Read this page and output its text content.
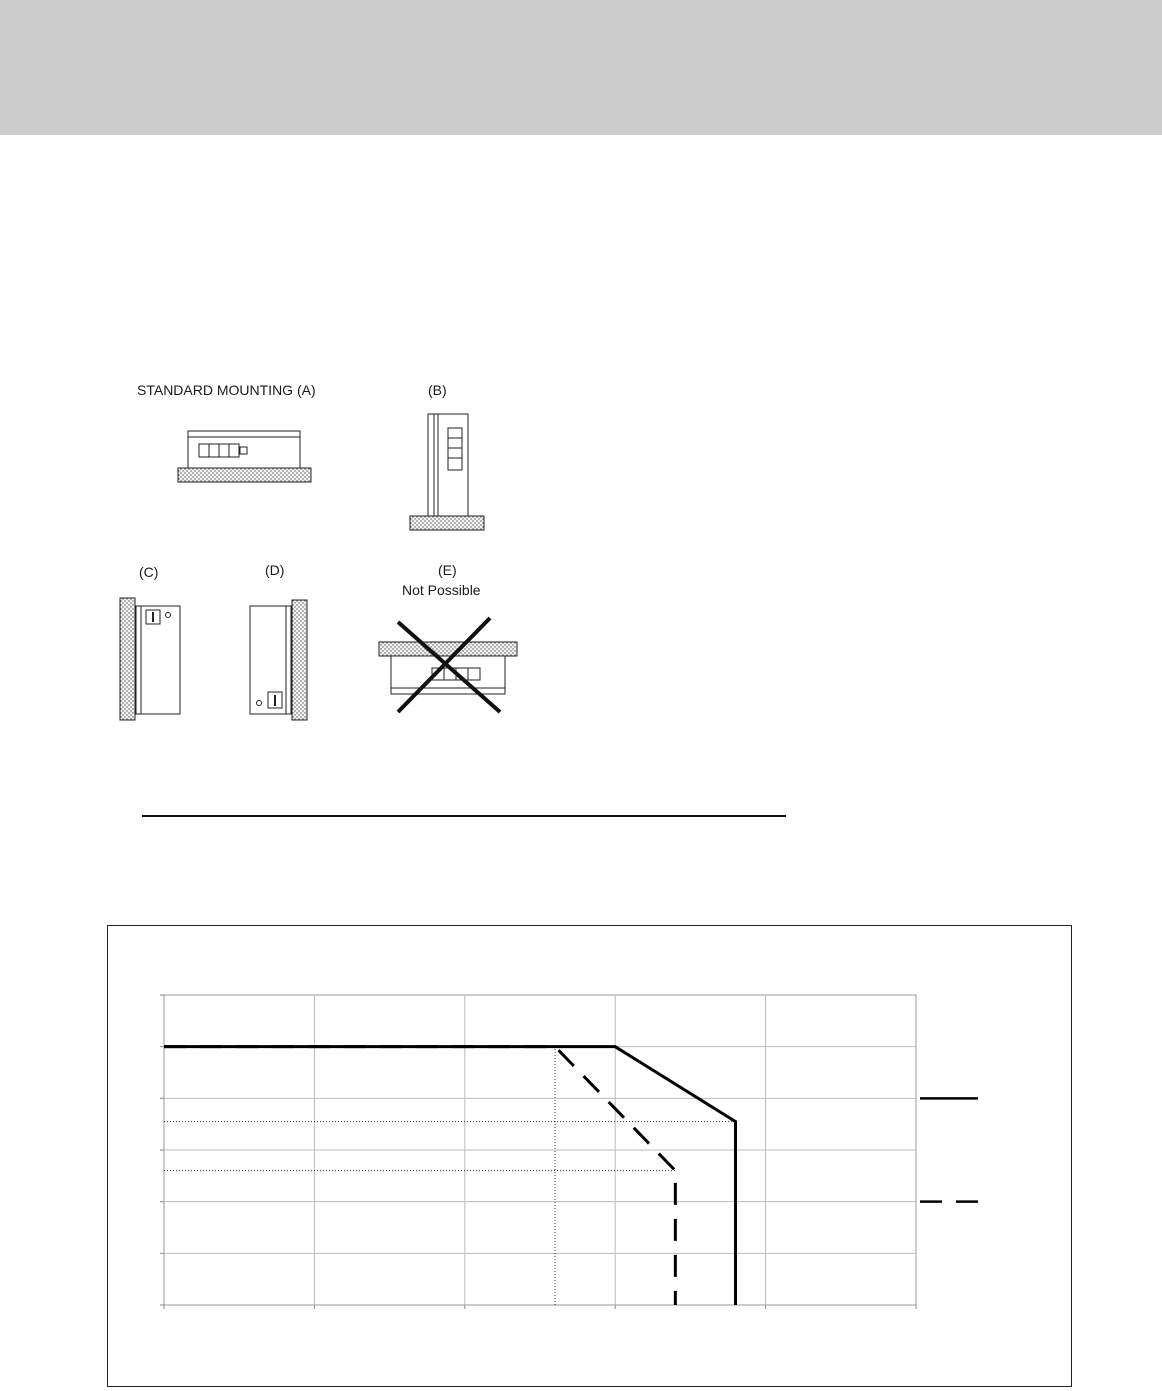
STANDARD MOUNTING (A)	(B)
(C)	(D)	(E)
Not Possible
